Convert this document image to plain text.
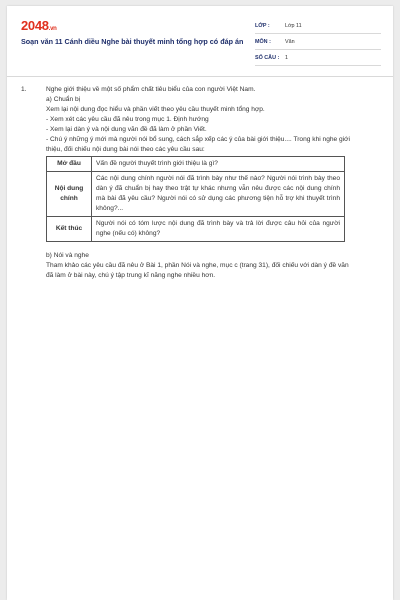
2048.vn
Soạn văn 11 Cánh diều Nghe bài thuyết minh tổng hợp có đáp án
LỚP :	Lớp 11
MÔN :	Văn
SỐ CÂU :	1
1.	Nghe giới thiệu về một số phẩm chất tiêu biểu của con người Việt Nam.

a) Chuẩn bị

Xem lại nội dung đọc hiểu và phần viết theo yêu cầu thuyết minh tổng hợp.

- Xem xét các yêu cầu đã nêu trong mục 1. Định hướng

- Xem lại dàn ý và nội dung văn đề đã làm ở phần Viết.

- Chú ý những ý mới mà người nói bổ sung, cách sắp xếp các ý của bài giới thiệu.... Trong khi nghe giới thiệu, đối chiếu nội dung bài nói theo các yêu cầu sau:

Mở đầu	Vấn đề người thuyết trình giới thiệu là gì?
Nội dung chính	Các nội dung chính người nói đã trình bày như thế nào? Người nói trình bày theo dàn ý đã chuẩn bị hay theo trật tự khác nhưng vẫn nêu được các nội dung chính mà bài đã yêu cầu? Người nói có sử dụng các phương tiện hỗ trợ khi thuyết trình không?...
Kết thúc	Người nói có tóm lược nội dung đã trình bày và trả lời được câu hỏi của người nghe (nếu có) không?

b) Nói và nghe

Tham khảo các yêu cầu đã nêu ở Bài 1, phần Nói và nghe, mục c (trang 31), đối chiếu với dàn ý đề văn đã làm ở bài này, chú ý tập trung kĩ năng nghe nhiều hơn.
